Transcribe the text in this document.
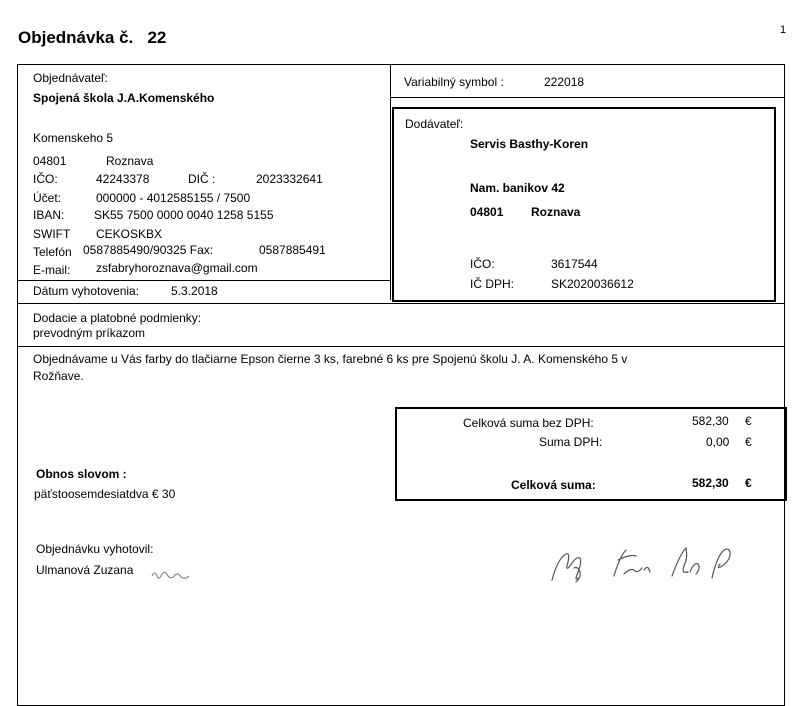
Objednávka č. 22	1
Objednávateľ:
Spojená škola J.A.Komenského
Komenskeho 5
04801	Roznava
IČO:	42243378	DIČ :	2023332641
Účet:	000000 - 4012585155 / 7500
IBAN: SK55 7500 0000 0040 1258 5155
SWIFT CEKOSKBX
Telefón 0587885490/90325 Fax:	0587885491
E-mail: zsfabryhoroznava@gmail.com
Dátum vyhotovenia:	5.3.2018
Variabilný symbol :	222018
Dodávateľ:
Servis Basthy-Koren
Nam. banikov 42
04801 Roznava
IČO:	3617544
IČ DPH:	SK2020036612
Dodacie a platobné podmienky:
prevodným príkazom
Objednávame u Vás farby do tlačiarne Epson čierne 3 ks, farebné 6 ks pre Spojenú školu J. A. Komenského 5 v
Rožňave.
Celková suma bez DPH:	582,30 €
Suma DPH:	0,00 €
Celková suma:	582,30 €
Obnos slovom :
päťstoosemdesiatdva € 30
Objednávku vyhotovil:
Ulmanová Zuzana
